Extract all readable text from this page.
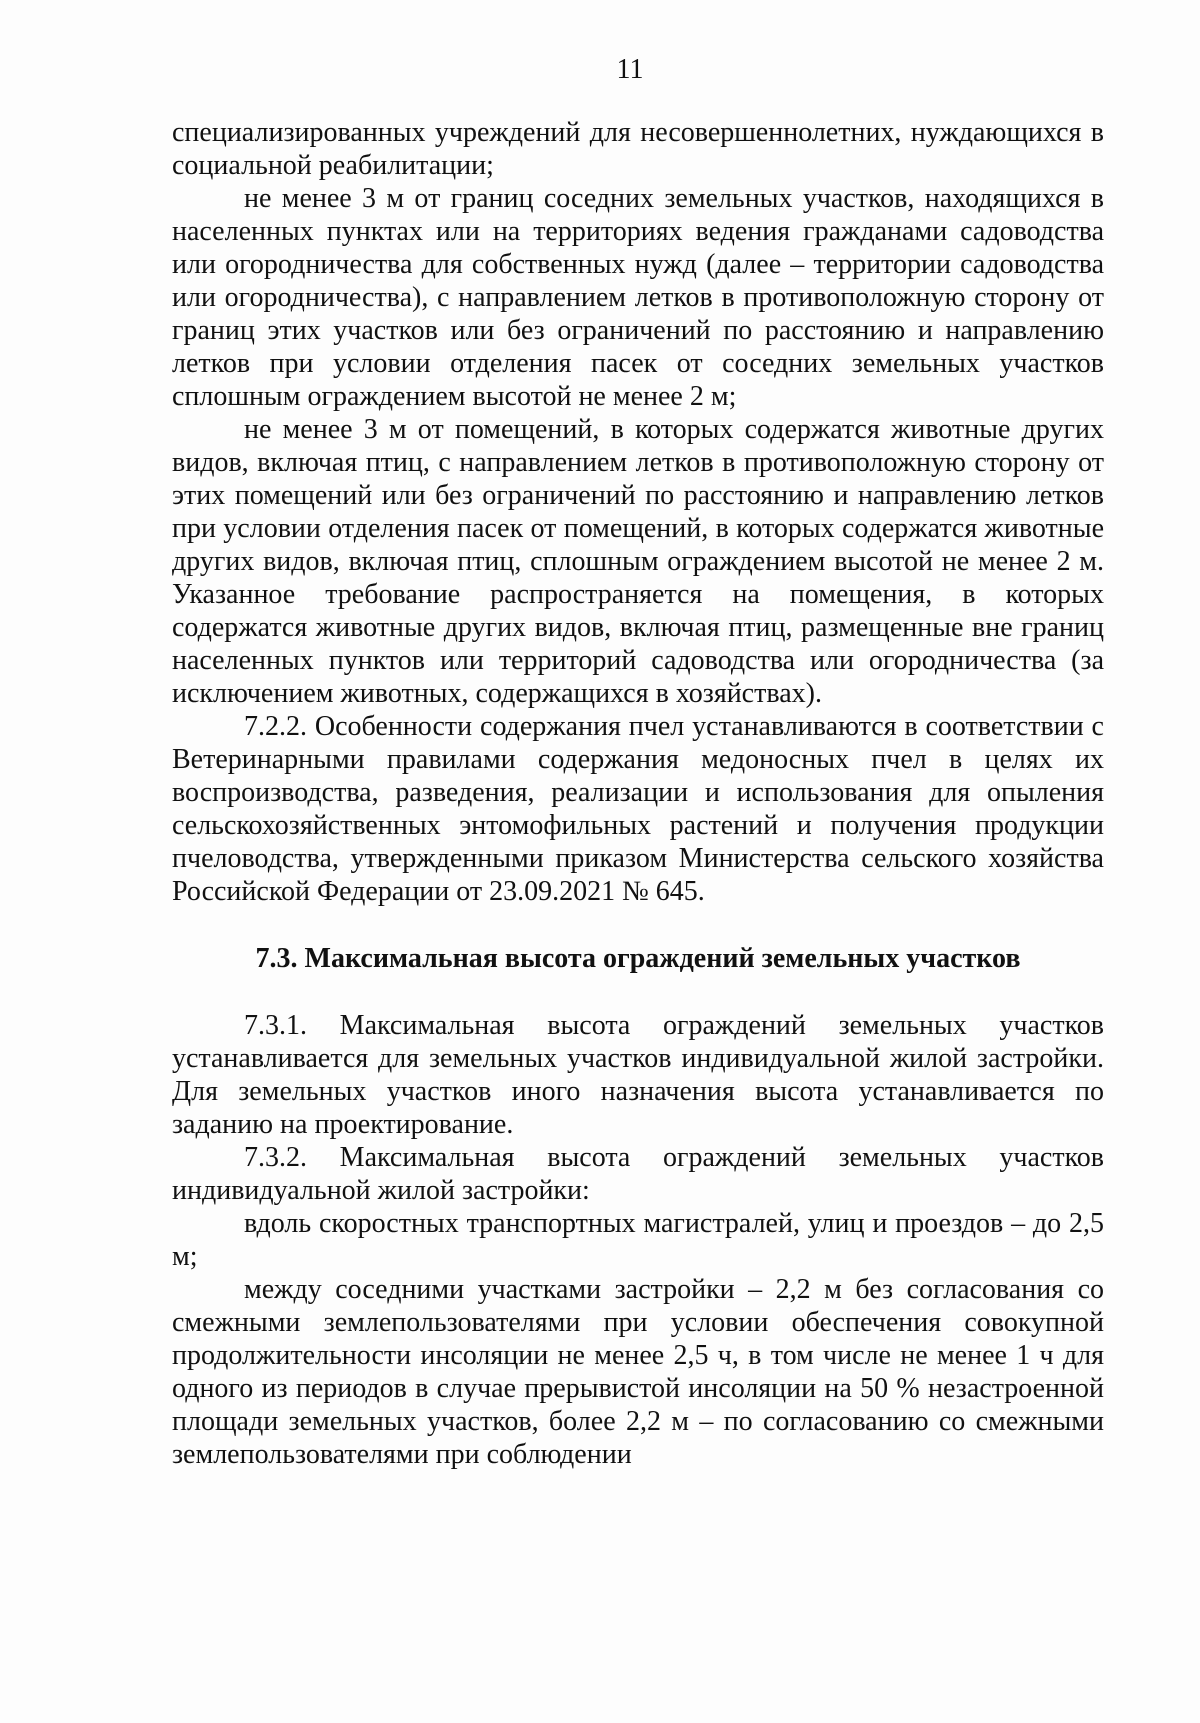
11

специализированных учреждений для несовершеннолетних, нуждающихся в социальной реабилитации;

не менее 3 м от границ соседних земельных участков, находящихся в населенных пунктах или на территориях ведения гражданами садоводства или огородничества для собственных нужд (далее – территории садоводства или огородничества), с направлением летков в противоположную сторону от границ этих участков или без ограничений по расстоянию и направлению летков при условии отделения пасек от соседних земельных участков сплошным ограждением высотой не менее 2 м;

не менее 3 м от помещений, в которых содержатся животные других видов, включая птиц, с направлением летков в противоположную сторону от этих помещений или без ограничений по расстоянию и направлению летков при условии отделения пасек от помещений, в которых содержатся животные других видов, включая птиц, сплошным ограждением высотой не менее 2 м. Указанное требование распространяется на помещения, в которых содержатся животные других видов, включая птиц, размещенные вне границ населенных пунктов или территорий садоводства или огородничества (за исключением животных, содержащихся в хозяйствах).

7.2.2. Особенности содержания пчел устанавливаются в соответствии с Ветеринарными правилами содержания медоносных пчел в целях их воспроизводства, разведения, реализации и использования для опыления сельскохозяйственных энтомофильных растений и получения продукции пчеловодства, утвержденными приказом Министерства сельского хозяйства Российской Федерации от 23.09.2021 № 645.

7.3. Максимальная высота ограждений земельных участков

7.3.1. Максимальная высота ограждений земельных участков устанавливается для земельных участков индивидуальной жилой застройки. Для земельных участков иного назначения высота устанавливается по заданию на проектирование.

7.3.2. Максимальная высота ограждений земельных участков индивидуальной жилой застройки:

вдоль скоростных транспортных магистралей, улиц и проездов – до 2,5 м;

между соседними участками застройки – 2,2 м без согласования со смежными землепользователями при условии обеспечения совокупной продолжительности инсоляции не менее 2,5 ч, в том числе не менее 1 ч для одного из периодов в случае прерывистой инсоляции на 50 % незастроенной площади земельных участков, более 2,2 м – по согласованию со смежными землепользователями при соблюдении
